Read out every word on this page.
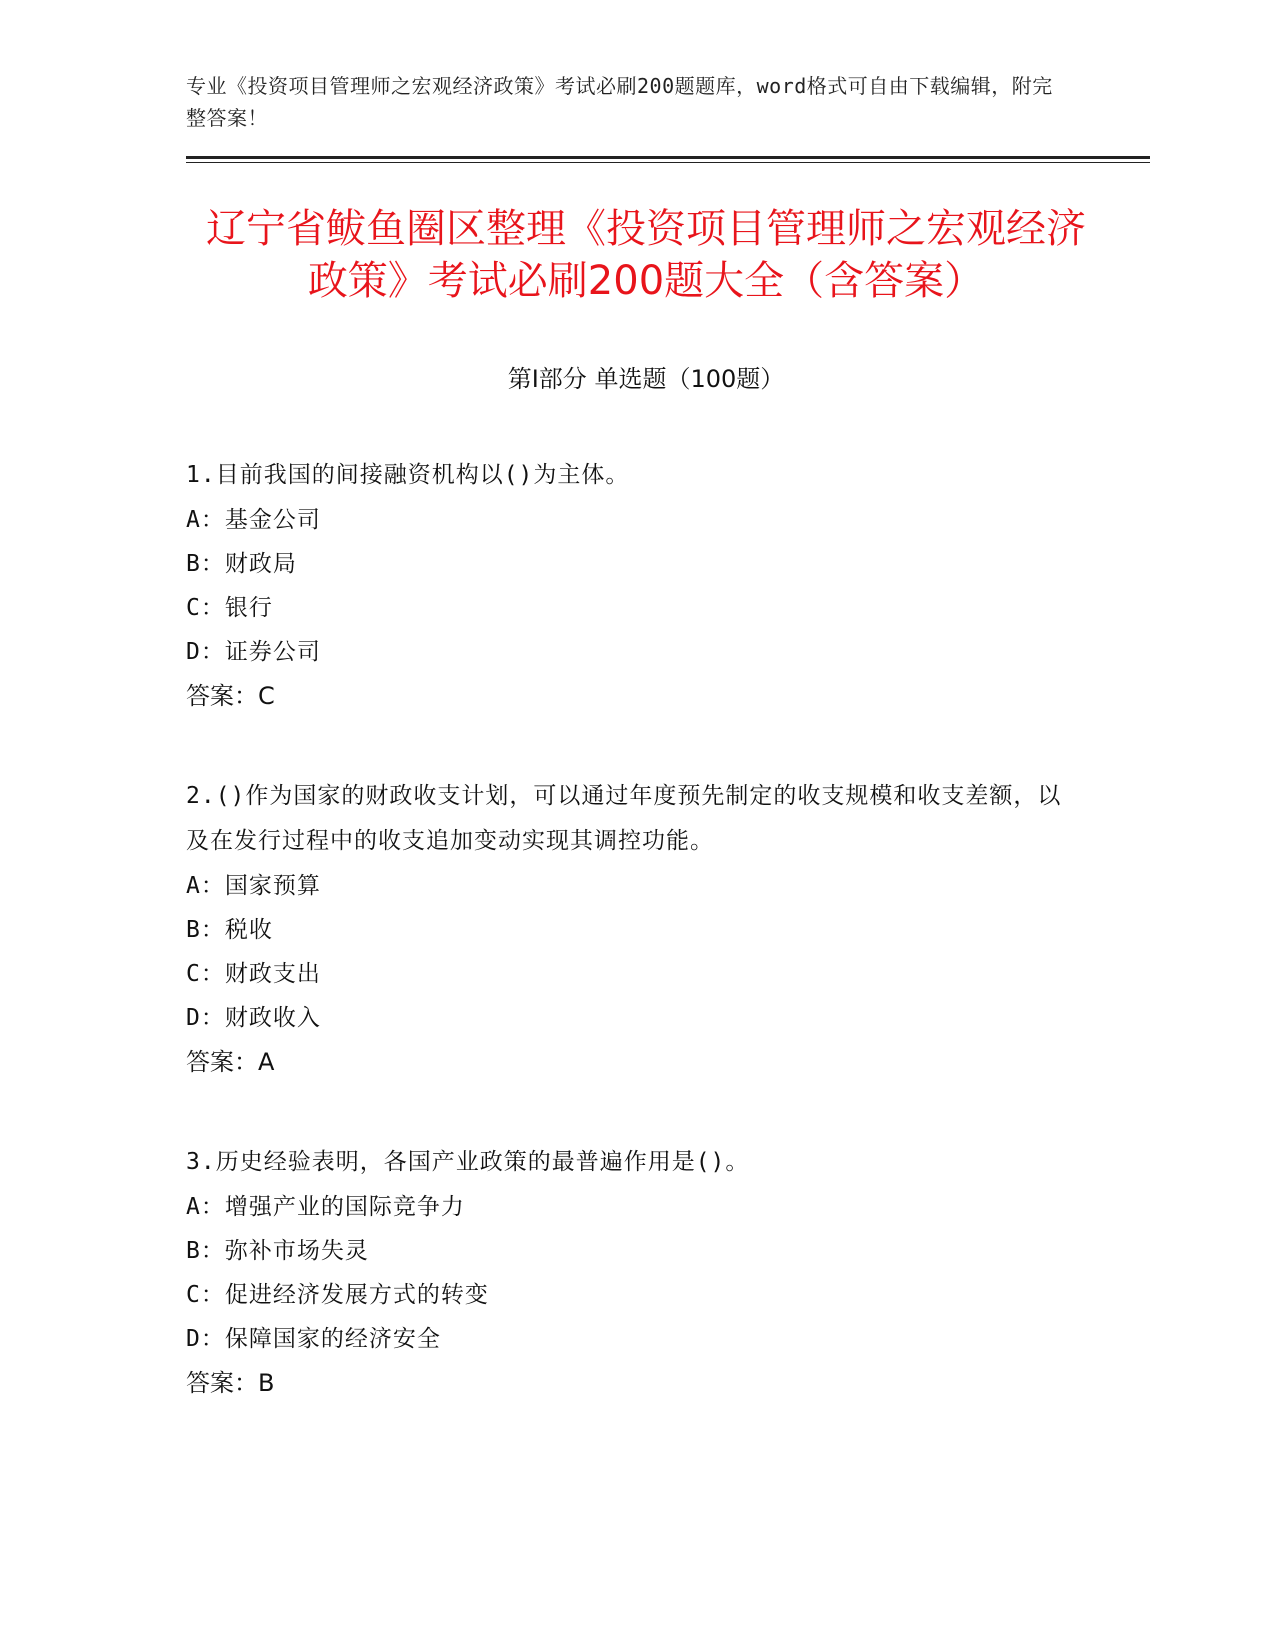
专业《投资项目管理师之宏观经济政策》考试必刷200题题库，word格式可自由下载编辑，附完整答案！
辽宁省鲅鱼圈区整理《投资项目管理师之宏观经济政策》考试必刷200题大全（含答案）
第Ⅰ部分 单选题（100题）
1.目前我国的间接融资机构以()为主体。
A：基金公司
B：财政局
C：银行
D：证券公司
答案：C
2.()作为国家的财政收支计划，可以通过年度预先制定的收支规模和收支差额，以及在发行过程中的收支追加变动实现其调控功能。
A：国家预算
B：税收
C：财政支出
D：财政收入
答案：A
3.历史经验表明，各国产业政策的最普遍作用是()。
A：增强产业的国际竞争力
B：弥补市场失灵
C：促进经济发展方式的转变
D：保障国家的经济安全
答案：B
